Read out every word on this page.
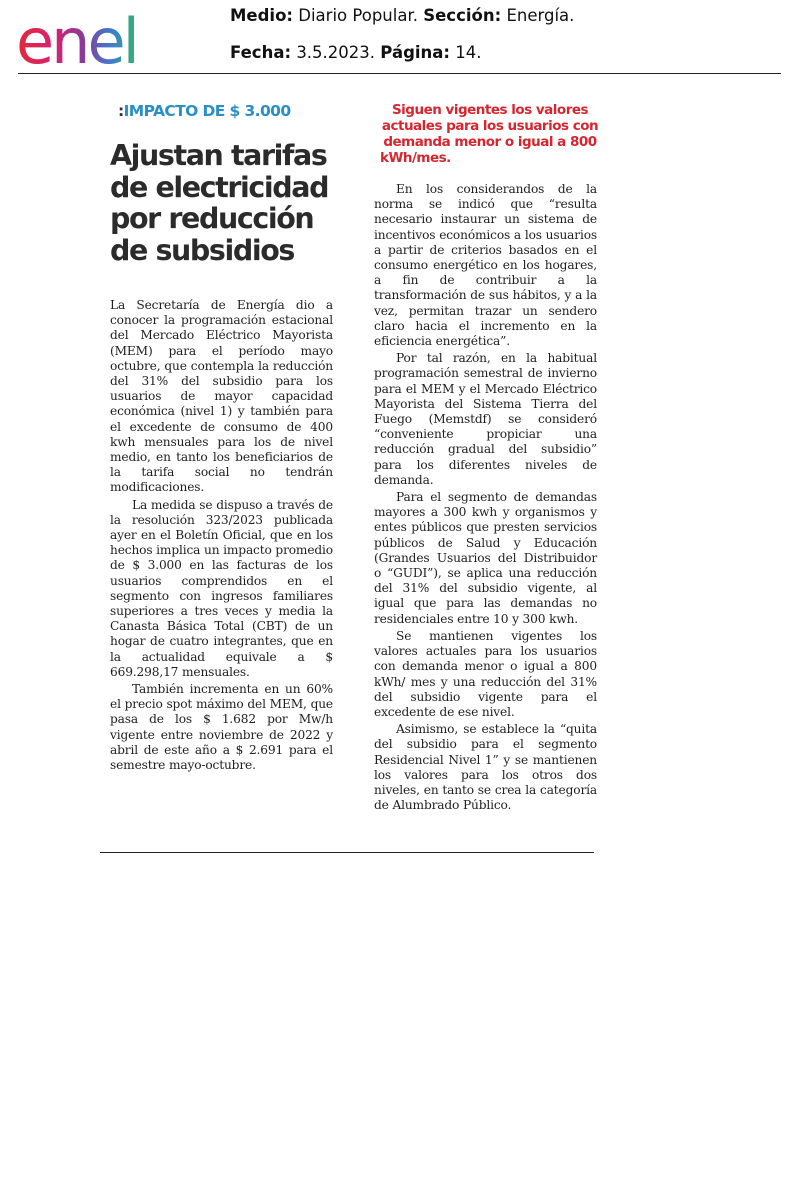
enel	Medio: Diario Popular. Sección: Energía.
Fecha: 3.5.2023. Página: 14.
:IMPACTO DE $ 3.000
Ajustan tarifas
de electricidad
por reducción
de subsidios
Siguen vigentes los valores
actuales para los usuarios con
demanda menor o igual a 800
kWh/mes.

La Secretaría de Energía dio a conocer la programación estacional del Mercado Eléctrico Mayorista (MEM) para el período mayo octubre, que contempla la reducción del 31% del subsidio para los usuarios de mayor capacidad económica (nivel 1) y también para el excedente de consumo de 400 kwh mensuales para los de nivel medio, en tanto los beneficiarios de la tarifa social no tendrán modificaciones.

La medida se dispuso a través de la resolución 323/2023 publicada ayer en el Boletín Oficial, que en los hechos implica un impacto promedio de $ 3.000 en las facturas de los usuarios comprendidos en el segmento con ingresos familiares superiores a tres veces y media la Canasta Básica Total (CBT) de un hogar de cuatro integrantes, que en la actualidad equivale a $ 669.298,17 mensuales.

También incrementa en un 60% el precio spot máximo del MEM, que pasa de los $ 1.682 por Mw/h vigente entre noviembre de 2022 y abril de este año a $ 2.691 para el semestre mayo-octubre.

En los considerandos de la norma se indicó que “resulta necesario instaurar un sistema de incentivos económicos a los usuarios a partir de criterios basados en el consumo energético en los hogares, a fin de contribuir a la transformación de sus hábitos, y a la vez, permitan trazar un sendero claro hacia el incremento en la eficiencia energética”.

Por tal razón, en la habitual programación semestral de invierno para el MEM y el Mercado Eléctrico Mayorista del Sistema Tierra del Fuego (Memstdf) se consideró “conveniente propiciar una reducción gradual del subsidio” para los diferentes niveles de demanda.

Para el segmento de demandas mayores a 300 kwh y organismos y entes públicos que presten servicios públicos de Salud y Educación (Grandes Usuarios del Distribuidor o “GUDI”), se aplica una reducción del 31% del subsidio vigente, al igual que para las demandas no residenciales entre 10 y 300 kwh.

Se mantienen vigentes los valores actuales para los usuarios con demanda menor o igual a 800 kWh/ mes y una reducción del 31% del subsidio vigente para el excedente de ese nivel.

Asimismo, se establece la “quita del subsidio para el segmento Residencial Nivel 1” y se mantienen los valores para los otros dos niveles, en tanto se crea la categoría de Alumbrado Público.
